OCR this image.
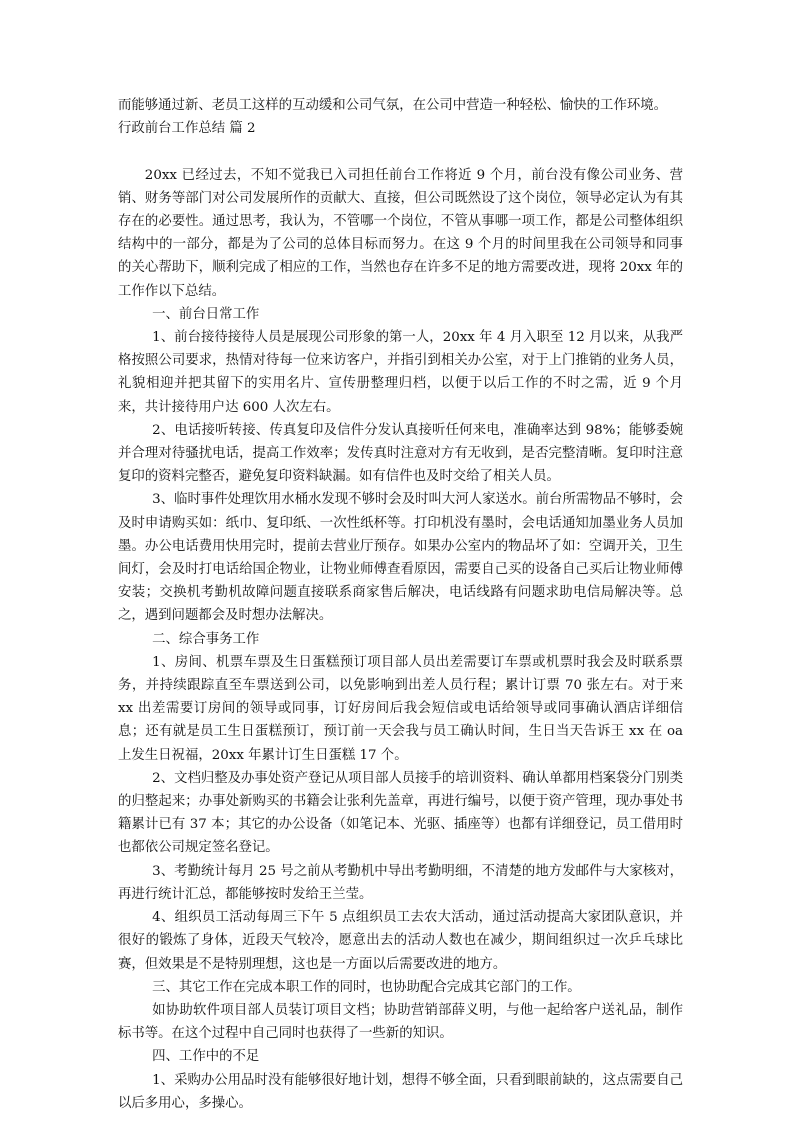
而能够通过新、老员工这样的互动缓和公司气氛，在公司中营造一种轻松、愉快的工作环境。

行政前台工作总结 篇 2

20xx 已经过去，不知不觉我已入司担任前台工作将近 9 个月，前台没有像公司业务、营销、财务等部门对公司发展所作的贡献大、直接，但公司既然设了这个岗位，领导必定认为有其存在的必要性。通过思考，我认为，不管哪一个岗位，不管从事哪一项工作，都是公司整体组织结构中的一部分，都是为了公司的总体目标而努力。在这 9 个月的时间里我在公司领导和同事的关心帮助下，顺利完成了相应的工作，当然也存在许多不足的地方需要改进，现将 20xx 年的工作作以下总结。

一、前台日常工作

1、前台接待接待人员是展现公司形象的第一人，20xx 年 4 月入职至 12 月以来，从我严格按照公司要求，热情对待每一位来访客户，并指引到相关办公室，对于上门推销的业务人员，礼貌相迎并把其留下的实用名片、宣传册整理归档，以便于以后工作的不时之需，近 9 个月来，共计接待用户达 600 人次左右。

2、电话接听转接、传真复印及信件分发认真接听任何来电，准确率达到 98%；能够委婉并合理对待骚扰电话，提高工作效率；发传真时注意对方有无收到，是否完整清晰。复印时注意复印的资料完整否，避免复印资料缺漏。如有信件也及时交给了相关人员。

3、临时事件处理饮用水桶水发现不够时会及时叫大河人家送水。前台所需物品不够时，会及时申请购买如：纸巾、复印纸、一次性纸杯等。打印机没有墨时，会电话通知加墨业务人员加墨。办公电话费用快用完时，提前去营业厅预存。如果办公室内的物品坏了如：空调开关，卫生间灯，会及时打电话给国企物业，让物业师傅查看原因，需要自己买的设备自己买后让物业师傅安装；交换机考勤机故障问题直接联系商家售后解决，电话线路有问题求助电信局解决等。总之，遇到问题都会及时想办法解决。

二、综合事务工作

1、房间、机票车票及生日蛋糕预订项目部人员出差需要订车票或机票时我会及时联系票务，并持续跟踪直至车票送到公司，以免影响到出差人员行程；累计订票 70 张左右。对于来 xx 出差需要订房间的领导或同事，订好房间后我会短信或电话给领导或同事确认酒店详细信息；还有就是员工生日蛋糕预订，预订前一天会我与员工确认时间，生日当天告诉王 xx 在 oa 上发生日祝福，20xx 年累计订生日蛋糕 17 个。

2、文档归整及办事处资产登记从项目部人员接手的培训资料、确认单都用档案袋分门别类的归整起来；办事处新购买的书籍会让张利先盖章，再进行编号，以便于资产管理，现办事处书籍累计已有 37 本；其它的办公设备（如笔记本、光驱、插座等）也都有详细登记，员工借用时也都依公司规定签名登记。

3、考勤统计每月 25 号之前从考勤机中导出考勤明细，不清楚的地方发邮件与大家核对，再进行统计汇总，都能够按时发给王兰莹。

4、组织员工活动每周三下午 5 点组织员工去农大活动，通过活动提高大家团队意识，并很好的锻炼了身体，近段天气较冷，愿意出去的活动人数也在减少，期间组织过一次乒乓球比赛，但效果是不是特别理想，这也是一方面以后需要改进的地方。

三、其它工作在完成本职工作的同时，也协助配合完成其它部门的工作。

如协助软件项目部人员装订项目文档；协助营销部薛义明，与他一起给客户送礼品，制作标书等。在这个过程中自己同时也获得了一些新的知识。

四、工作中的不足

1、采购办公用品时没有能够很好地计划，想得不够全面，只看到眼前缺的，这点需要自己以后多用心，多操心。
